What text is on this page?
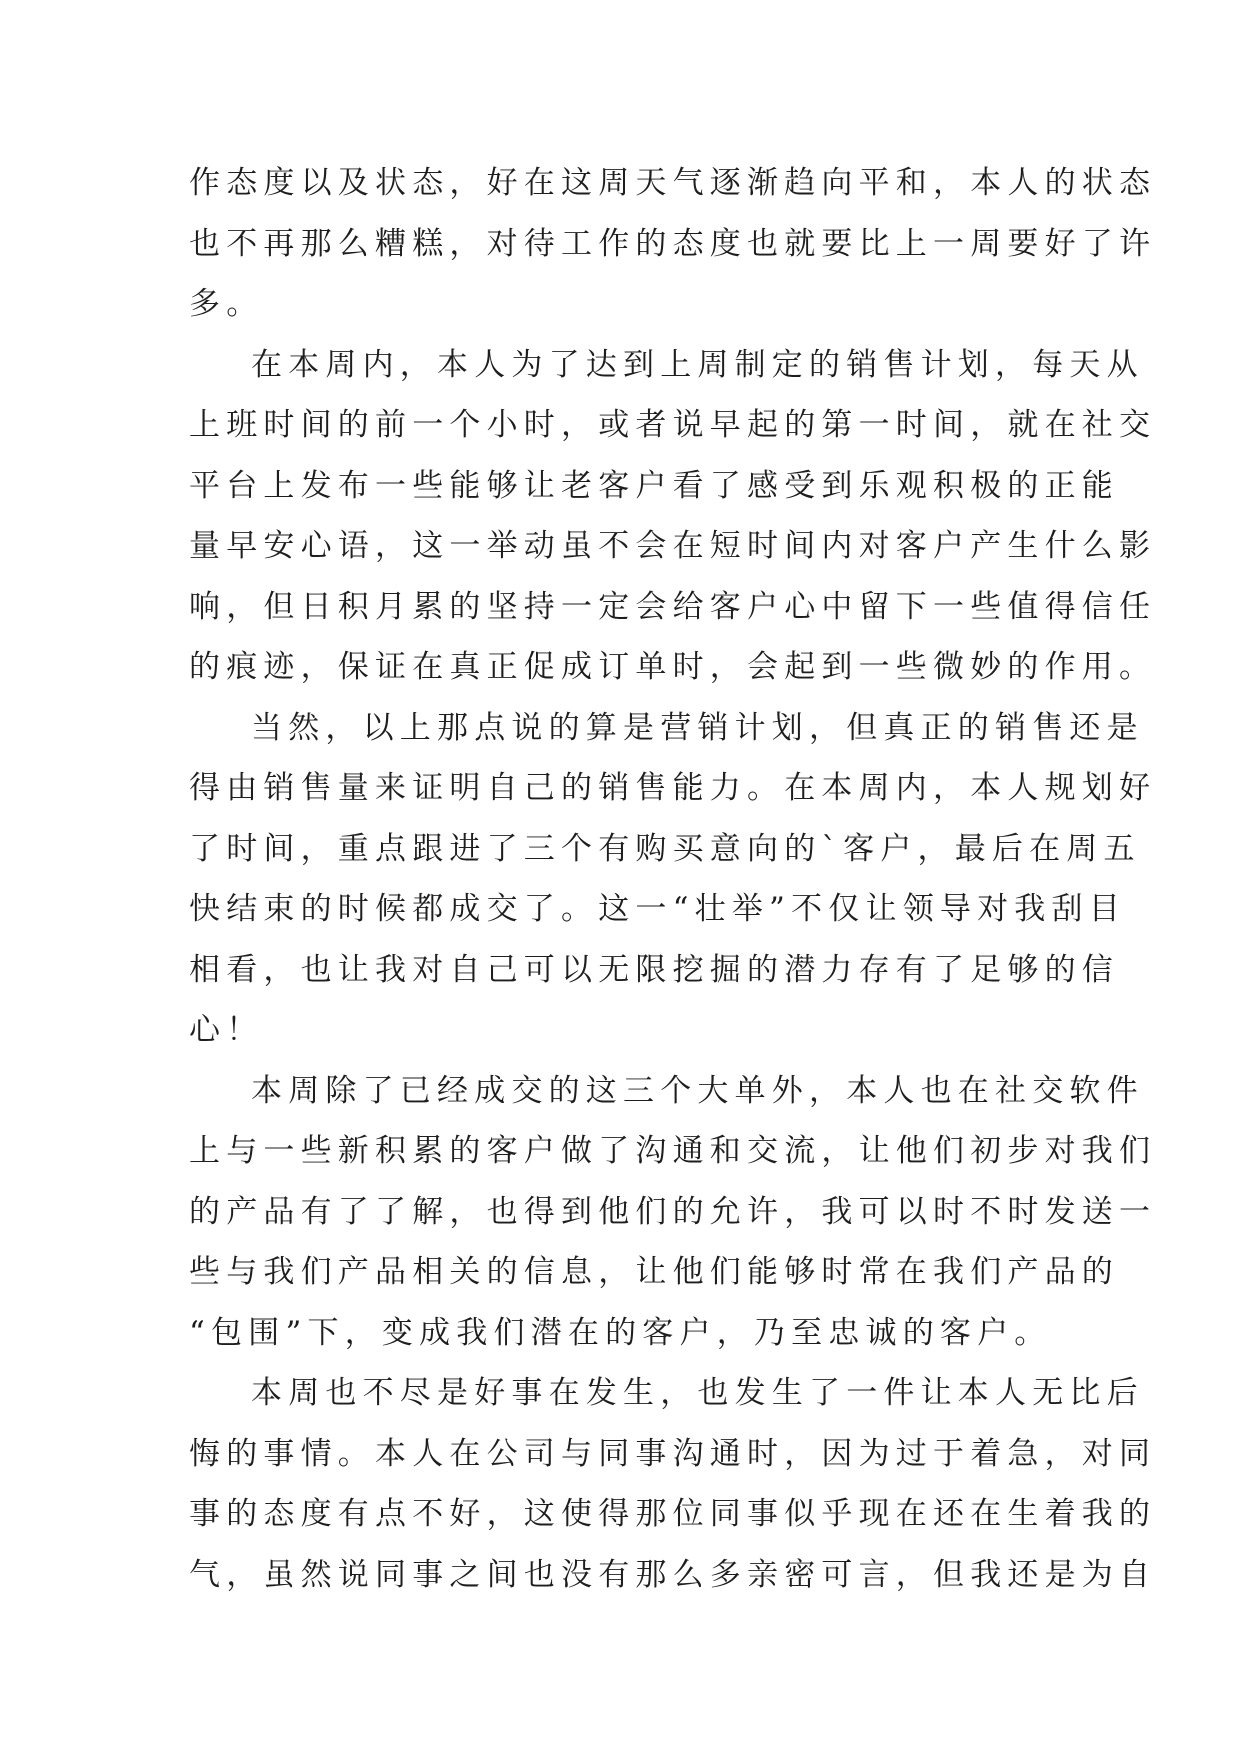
作态度以及状态，好在这周天气逐渐趋向平和，本人的状态
也不再那么糟糕，对待工作的态度也就要比上一周要好了许
多。
在本周内，本人为了达到上周制定的销售计划，每天从
上班时间的前一个小时，或者说早起的第一时间，就在社交
平台上发布一些能够让老客户看了感受到乐观积极的正能
量早安心语，这一举动虽不会在短时间内对客户产生什么影
响，但日积月累的坚持一定会给客户心中留下一些值得信任
的痕迹，保证在真正促成订单时，会起到一些微妙的作用。
当然，以上那点说的算是营销计划，但真正的销售还是
得由销售量来证明自己的销售能力。在本周内，本人规划好
了时间，重点跟进了三个有购买意向的`客户，最后在周五
快结束的时候都成交了。这一“壮举”不仅让领导对我刮目
相看，也让我对自己可以无限挖掘的潜力存有了足够的信
心！
本周除了已经成交的这三个大单外，本人也在社交软件
上与一些新积累的客户做了沟通和交流，让他们初步对我们
的产品有了了解，也得到他们的允许，我可以时不时发送一
些与我们产品相关的信息，让他们能够时常在我们产品的
“包围”下，变成我们潜在的客户，乃至忠诚的客户。
本周也不尽是好事在发生，也发生了一件让本人无比后
悔的事情。本人在公司与同事沟通时，因为过于着急，对同
事的态度有点不好，这使得那位同事似乎现在还在生着我的
气，虽然说同事之间也没有那么多亲密可言，但我还是为自
